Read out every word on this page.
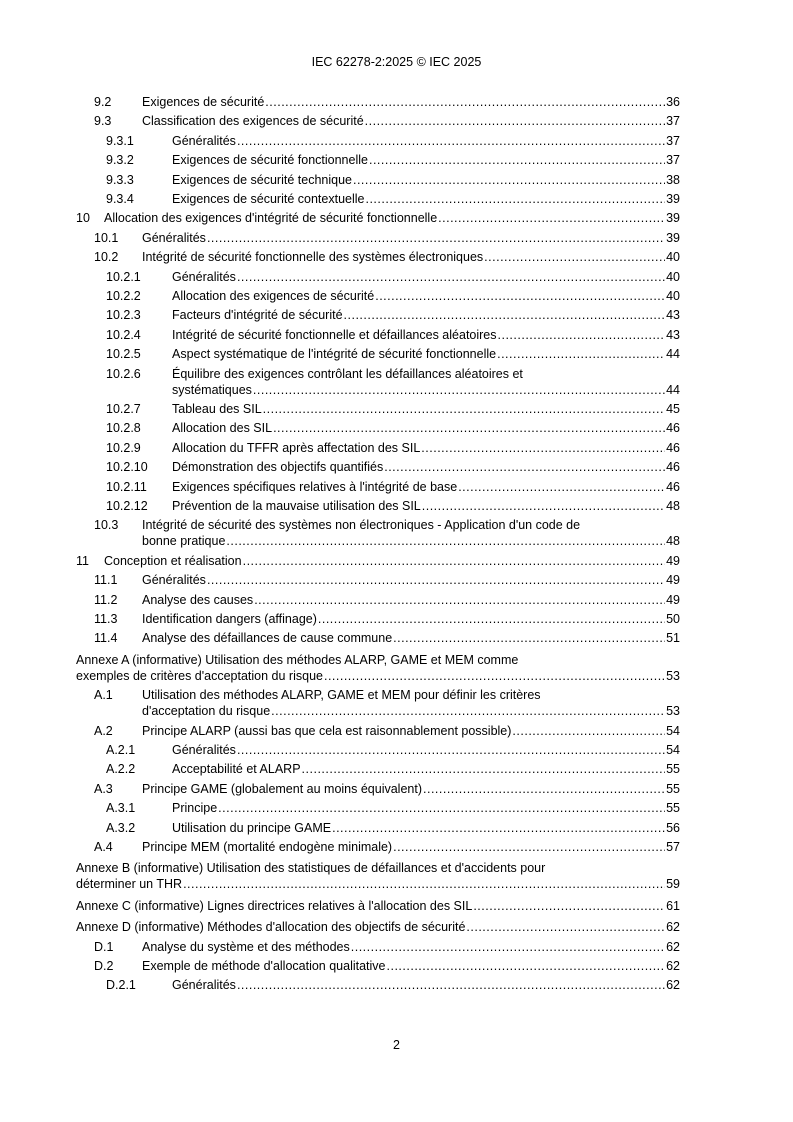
IEC 62278-2:2025 © IEC 2025
9.2 Exigences de sécurité .....	36
9.3 Classification des exigences de sécurité .....	37
9.3.1	Généralités .....	37
9.3.2	Exigences de sécurité fonctionnelle .....	37
9.3.3	Exigences de sécurité technique .....	38
9.3.4	Exigences de sécurité contextuelle .....	39
10 Allocation des exigences d'intégrité de sécurité fonctionnelle .....	39
10.1 Généralités .....	39
10.2 Intégrité de sécurité fonctionnelle des systèmes électroniques .....	40
10.2.1 Généralités .....	40
10.2.2 Allocation des exigences de sécurité .....	40
10.2.3 Facteurs d'intégrité de sécurité .....	43
10.2.4 Intégrité de sécurité fonctionnelle et défaillances aléatoires .....	43
10.2.5 Aspect systématique de l'intégrité de sécurité fonctionnelle .....	44
10.2.6 Équilibre des exigences contrôlant les défaillances aléatoires et
systématiques .....	44
10.2.7 Tableau des SIL .....	45
10.2.8 Allocation des SIL .....	46
10.2.9 Allocation du TFFR après affectation des SIL .....	46
10.2.10 Démonstration des objectifs quantifiés .....	46
10.2.11 Exigences spécifiques relatives à l'intégrité de base .....	46
10.2.12 Prévention de la mauvaise utilisation des SIL .....	48
10.3 Intégrité de sécurité des systèmes non électroniques - Application d'un code de
bonne pratique .....	48
11 Conception et réalisation .....	49
11.1 Généralités .....	49
11.2 Analyse des causes .....	49
11.3 Identification dangers (affinage) .....	50
11.4 Analyse des défaillances de cause commune .....	51
Annexe A (informative) Utilisation des méthodes ALARP, GAME et MEM comme
exemples de critères d'acceptation du risque .....	53
A.1 Utilisation des méthodes ALARP, GAME et MEM pour définir les critères
d'acceptation du risque .....	53
A.2 Principe ALARP (aussi bas que cela est raisonnablement possible) .....	54
A.2.1	Généralités .....	54
A.2.2	Acceptabilité et ALARP .....	55
A.3 Principe GAME (globalement au moins équivalent) .....	55
A.3.1	Principe .....	55
A.3.2	Utilisation du principe GAME .....	56
A.4 Principe MEM (mortalité endogène minimale) .....	57
Annexe B (informative) Utilisation des statistiques de défaillances et d'accidents pour
déterminer un THR .....	59
Annexe C (informative) Lignes directrices relatives à l'allocation des SIL .....	61
Annexe D (informative) Méthodes d'allocation des objectifs de sécurité .....	62
D.1 Analyse du système et des méthodes .....	62
D.2 Exemple de méthode d'allocation qualitative .....	62
D.2.1	Généralités .....	62
2
